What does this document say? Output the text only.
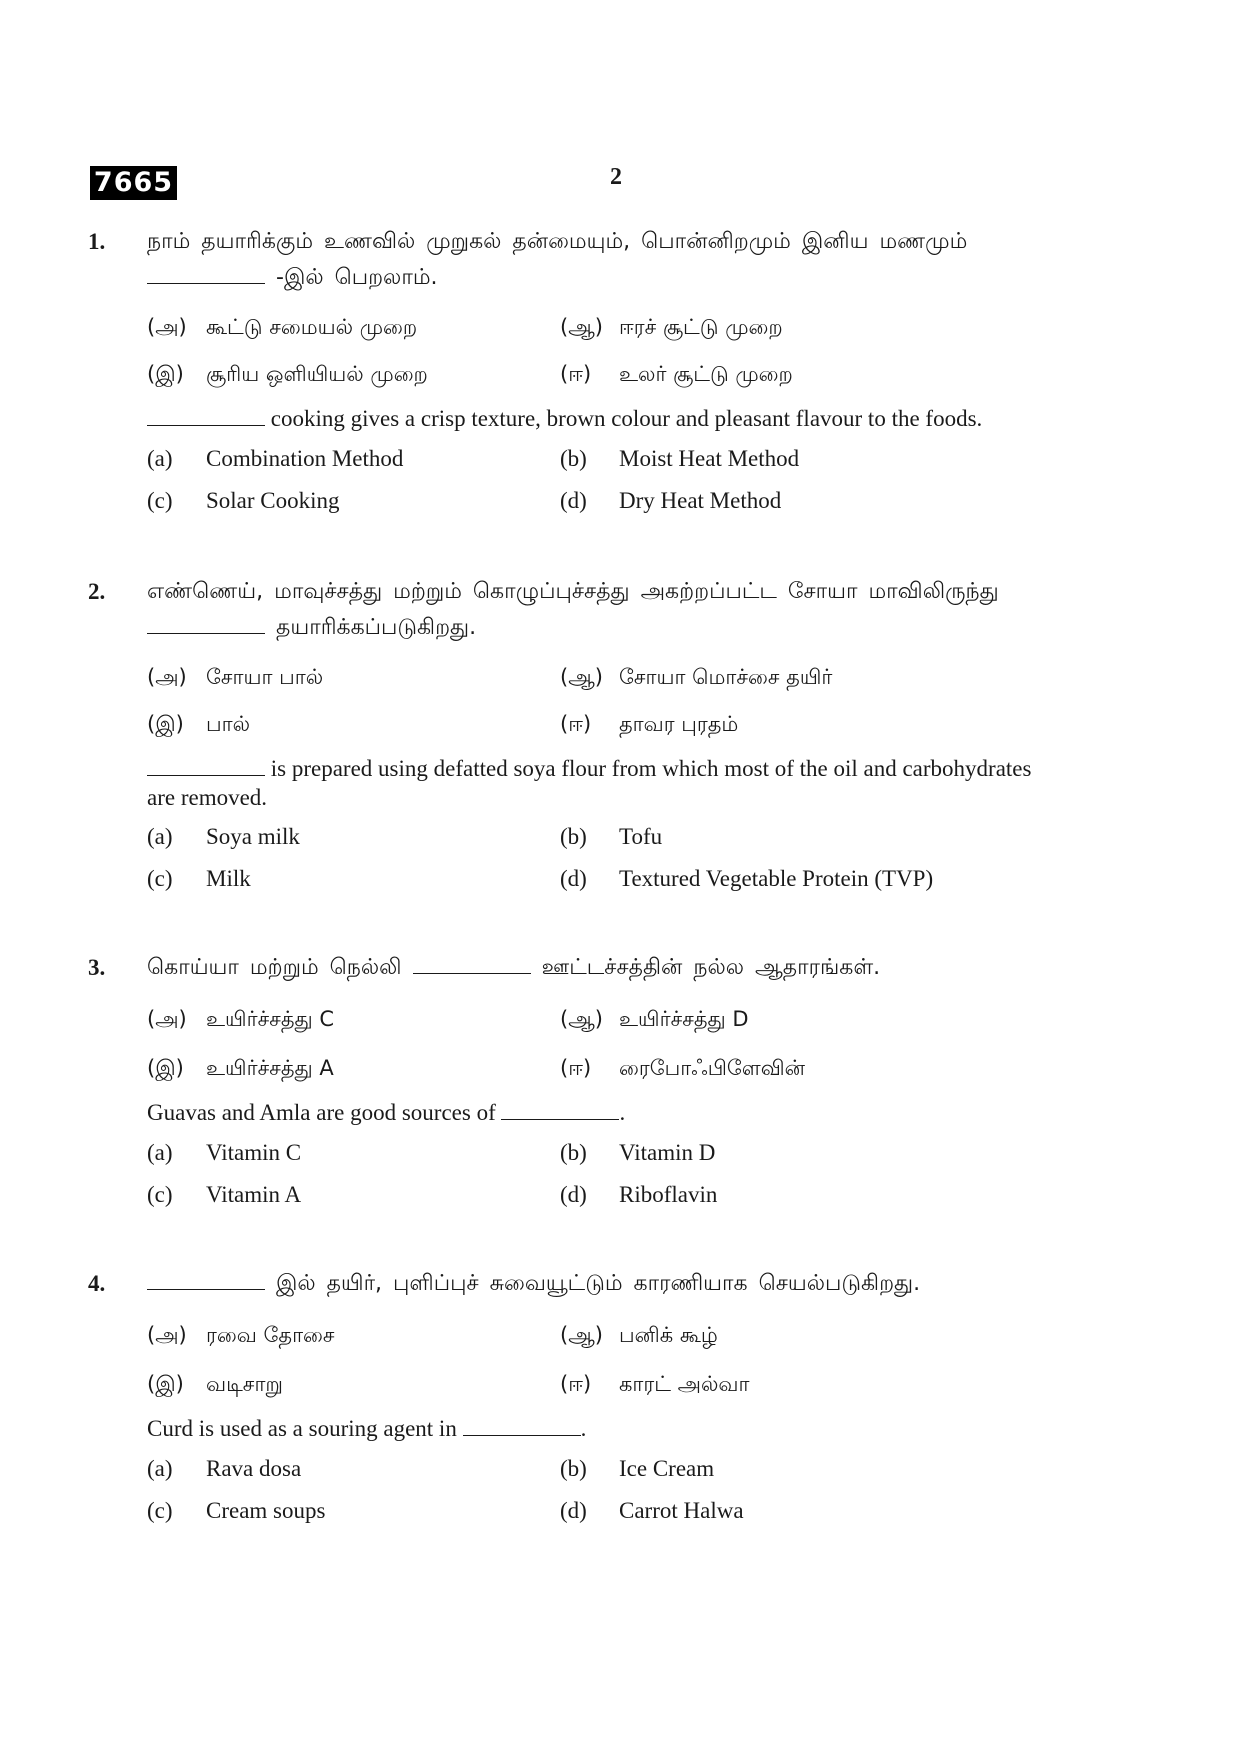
7665	2
1. நாம் தயாரிக்கும் உணவில் முறுகல் தன்மையும், பொன்னிறமும் இனிய மணமும்
-இல் பெறலாம்.
(அ) கூட்டு சமையல் முறை	(ஆ) ஈரச் சூட்டு முறை
(இ) சூரிய ஒளியியல் முறை	(ஈ) உலர் சூட்டு முறை
cooking gives a crisp texture, brown colour and pleasant flavour to the foods.
(a) Combination Method	(b) Moist Heat Method
(c) Solar Cooking	(d) Dry Heat Method
2. எண்ணெய், மாவுச்சத்து மற்றும் கொழுப்புச்சத்து அகற்றப்பட்ட சோயா மாவிலிருந்து
தயாரிக்கப்படுகிறது.
(அ) சோயா பால்	(ஆ) சோயா மொச்சை தயிர்
(இ) பால்	(ஈ) தாவர புரதம்
is prepared using defatted soya flour from which most of the oil and carbohydrates
are removed.
(a) Soya milk	(b) Tofu
(c) Milk	(d) Textured Vegetable Protein (TVP)
3. கொய்யா மற்றும் நெல்லி	ஊட்டச்சத்தின் நல்ல ஆதாரங்கள்.
(அ) உயிர்ச்சத்து C	(ஆ) உயிர்ச்சத்து D
(இ) உயிர்ச்சத்து A	(ஈ) ரைபோஃபிளேவின்
Guavas and Amla are good sources of	.
(a) Vitamin C	(b) Vitamin D
(c) Vitamin A	(d) Riboflavin
4.	இல் தயிர், புளிப்புச் சுவையூட்டும் காரணியாக செயல்படுகிறது.
(அ) ரவை தோசை	(ஆ) பனிக் கூழ்
(இ) வடிசாறு	(ஈ) காரட் அல்வா
Curd is used as a souring agent in	.
(a) Rava dosa	(b) Ice Cream
(c) Cream soups	(d) Carrot Halwa
